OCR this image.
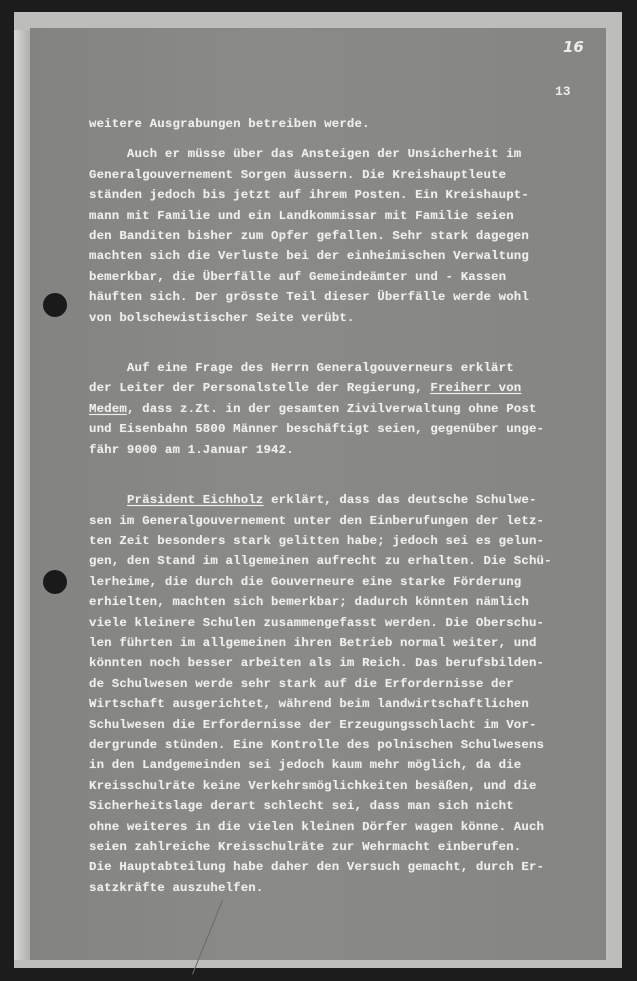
16
13
weitere Ausgrabungen betreiben werde.
Auch er müsse über das Ansteigen der Unsicherheit im
Generalgouvernement Sorgen äussern. Die Kreishauptleute
ständen jedoch bis jetzt auf ihrem Posten. Ein Kreishaupt-
mann mit Familie und ein Landkommissar mit Familie seien
den Banditen bisher zum Opfer gefallen. Sehr stark dagegen
machten sich die Verluste bei der einheimischen Verwaltung
bemerkbar, die Überfälle auf Gemeindeämter und - Kassen
häuften sich. Der grösste Teil dieser Überfälle werde wohl
von bolschewistischer Seite verübt.
Auf eine Frage des Herrn Generalgouverneurs erklärt
der Leiter der Personalstelle der Regierung, Freiherr von
Medem, dass z.Zt. in der gesamten Zivilverwaltung ohne Post
und Eisenbahn 5800 Männer beschäftigt seien, gegenüber unge-
fähr 9000 am 1.Januar 1942.
Präsident Eichholz erklärt, dass das deutsche Schulwe-
sen im Generalgouvernement unter den Einberufungen der letz-
ten Zeit besonders stark gelitten habe; jedoch sei es gelun-
gen, den Stand im allgemeinen aufrecht zu erhalten. Die Schü-
lerheime, die durch die Gouverneure eine starke Förderung
erhielten, machten sich bemerkbar; dadurch könnten nämlich
viele kleinere Schulen zusammengefasst werden. Die Oberschu-
len führten im allgemeinen ihren Betrieb normal weiter, und
könnten noch besser arbeiten als im Reich. Das berufsbilden-
de Schulwesen werde sehr stark auf die Erfordernisse der
Wirtschaft ausgerichtet, während beim landwirtschaftlichen
Schulwesen die Erfordernisse der Erzeugungsschlacht im Vor-
dergrunde stünden. Eine Kontrolle des polnischen Schulwesens
in den Landgemeinden sei jedoch kaum mehr möglich, da die
Kreisschulräte keine Verkehrsmöglichkeiten besäßen, und die
Sicherheitslage derart schlecht sei, dass man sich nicht
ohne weiteres in die vielen kleinen Dörfer wagen könne. Auch
seien zahlreiche Kreisschulräte zur Wehrmacht einberufen.
Die Hauptabteilung habe daher den Versuch gemacht, durch Er-
satzkräfte auszuhelfen.
